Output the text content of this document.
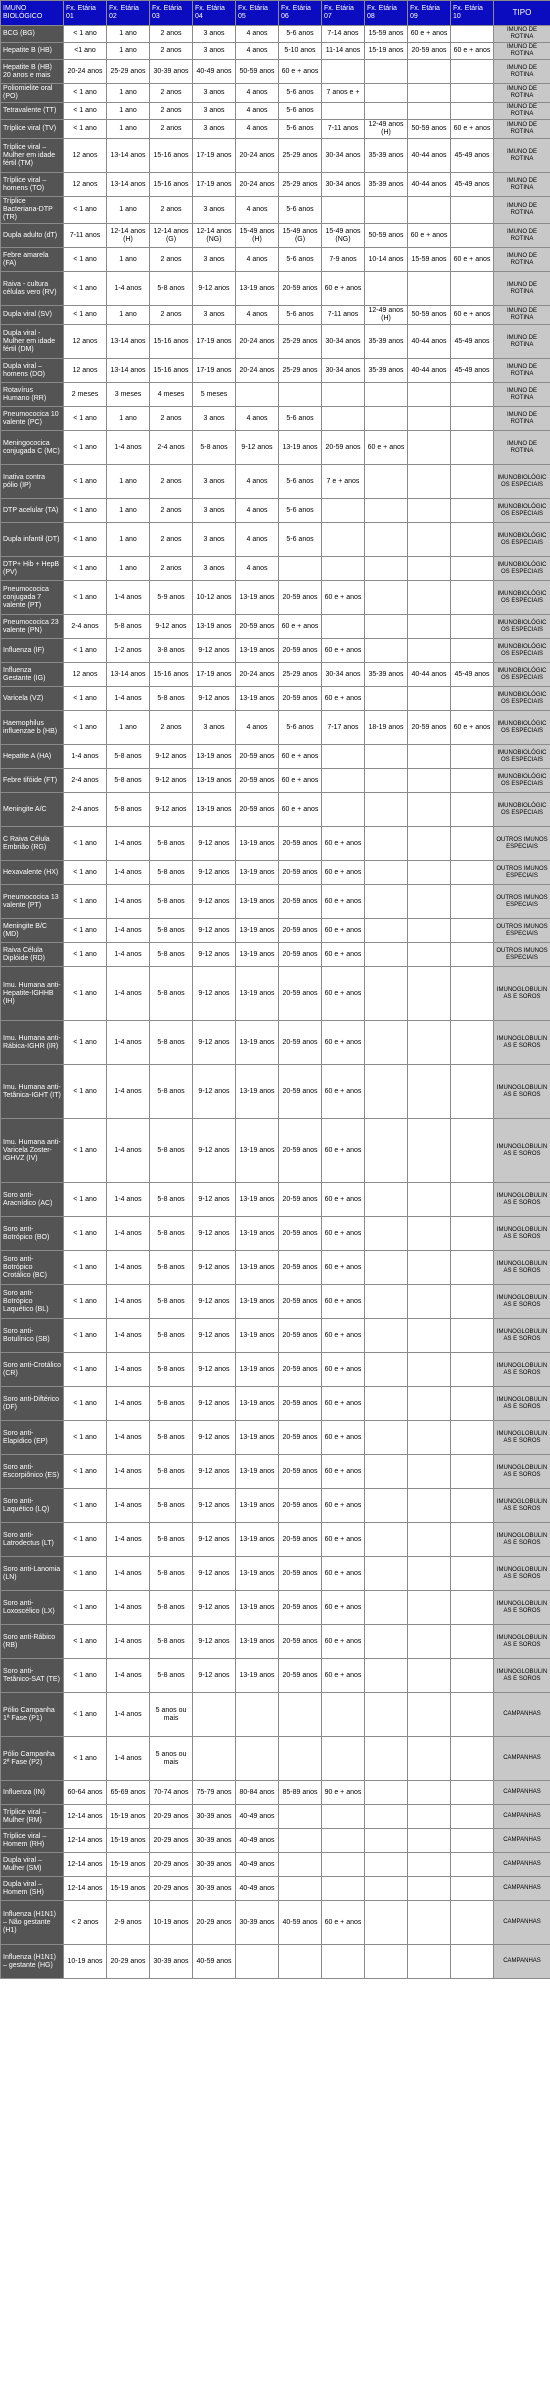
IMUNO BIOLÓGICO	Fx. Etária 01	Fx. Etária 02	Fx. Etária 03	Fx. Etária 04	Fx. Etária 05	Fx. Etária 06	Fx. Etária 07	Fx. Etária 08	Fx. Etária 09	Fx. Etária 10	TIPO
BCG (BG)	< 1 ano	1 ano	2 anos	3 anos	4 anos	5-6 anos	7-14 anos	15-59 anos	60 e + anos		IMUNO DE ROTINA
Hepatite B (HB)	<1 ano	1 ano	2 anos	3 anos	4 anos	5-10 anos	11-14 anos	15-19 anos	20-59 anos	60 e + anos	IMUNO DE ROTINA
Hepatite B (HB) 20 anos e mais	20-24 anos	25-29 anos	30-39 anos	40-49 anos	50-59 anos	60 e + anos					IMUNO DE ROTINA
Poliomielite oral (PO)	< 1 ano	1 ano	2 anos	3 anos	4 anos	5-6 anos	7 anos e +				IMUNO DE ROTINA
Tetravalente (TT)	< 1 ano	1 ano	2 anos	3 anos	4 anos	5-6 anos					IMUNO DE ROTINA
Tríplice viral (TV)	< 1 ano	1 ano	2 anos	3 anos	4 anos	5-6 anos	7-11 anos	12-49 anos (H)	50-59 anos	60 e + anos	IMUNO DE ROTINA
Tríplice viral – Mulher em idade fértil (TM)	12 anos	13-14 anos	15-16 anos	17-19 anos	20-24 anos	25-29 anos	30-34 anos	35-39 anos	40-44 anos	45-49 anos	IMUNO DE ROTINA
Tríplice viral – homens (TO)	12 anos	13-14 anos	15-16 anos	17-19 anos	20-24 anos	25-29 anos	30-34 anos	35-39 anos	40-44 anos	45-49 anos	IMUNO DE ROTINA
Tríplice Bacteriana-DTP (TR)	< 1 ano	1 ano	2 anos	3 anos	4 anos	5-6 anos					IMUNO DE ROTINA
Dupla adulto (dT)	7-11 anos	12-14 anos (H)	12-14 anos (G)	12-14 anos (NG)	15-49 anos (H)	15-49 anos (G)	15-49 anos (NG)	50-59 anos	60 e + anos		IMUNO DE ROTINA
Febre amarela (FA)	< 1 ano	1 ano	2 anos	3 anos	4 anos	5-6 anos	7-9 anos	10-14 anos	15-59 anos	60 e + anos	IMUNO DE ROTINA
Raiva - cultura células vero (RV)	< 1 ano	1-4 anos	5-8 anos	9-12 anos	13-19 anos	20-59 anos	60 e + anos				IMUNO DE ROTINA
Dupla viral (SV)	< 1 ano	1 ano	2 anos	3 anos	4 anos	5-6 anos	7-11 anos	12-49 anos (H)	50-59 anos	60 e + anos	IMUNO DE ROTINA
Dupla viral - Mulher em idade fértil (DM)	12 anos	13-14 anos	15-16 anos	17-19 anos	20-24 anos	25-29 anos	30-34 anos	35-39 anos	40-44 anos	45-49 anos	IMUNO DE ROTINA
Dupla viral – homens (DO)	12 anos	13-14 anos	15-16 anos	17-19 anos	20-24 anos	25-29 anos	30-34 anos	35-39 anos	40-44 anos	45-49 anos	IMUNO DE ROTINA
Rotavírus Humano (RR)	2 meses	3 meses	4 meses	5 meses							IMUNO DE ROTINA
Pneumococica 10 valente (PC)	< 1 ano	1 ano	2 anos	3 anos	4 anos	5-6 anos					IMUNO DE ROTINA
Meningococica conjugada C (MC)	< 1 ano	1-4 anos	2-4 anos	5-8 anos	9-12 anos	13-19 anos	20-59 anos	60 e + anos			IMUNO DE ROTINA
Inativa contra pólio (IP)	< 1 ano	1 ano	2 anos	3 anos	4 anos	5-6 anos	7 e + anos				IMUNOBIOLÓGICOS ESPECIAIS
DTP acelular (TA)	< 1 ano	1 ano	2 anos	3 anos	4 anos	5-6 anos					IMUNOBIOLÓGICOS ESPECIAIS
Dupla infantil (DT)	< 1 ano	1 ano	2 anos	3 anos	4 anos	5-6 anos					IMUNOBIOLÓGICOS ESPECIAIS
DTP+ Hib + HepB (PV)	< 1 ano	1 ano	2 anos	3 anos	4 anos						IMUNOBIOLÓGICOS ESPECIAIS
Pneumococica conjugada 7 valente (PT)	< 1 ano	1-4 anos	5-9 anos	10-12 anos	13-19 anos	20-59 anos	60 e + anos				IMUNOBIOLÓGICOS ESPECIAIS
Pneumococica 23 valente (PN)	2-4 anos	5-8 anos	9-12 anos	13-19 anos	20-59 anos	60 e + anos					IMUNOBIOLÓGICOS ESPECIAIS
Influenza (IF)	< 1 ano	1-2 anos	3-8 anos	9-12 anos	13-19 anos	20-59 anos	60 e + anos				IMUNOBIOLÓGICOS ESPECIAIS
Influenza Gestante (IG)	12 anos	13-14 anos	15-16 anos	17-19 anos	20-24 anos	25-29 anos	30-34 anos	35-39 anos	40-44 anos	45-49 anos	IMUNOBIOLÓGICOS ESPECIAIS
Varicela (VZ)	< 1 ano	1-4 anos	5-8 anos	9-12 anos	13-19 anos	20-59 anos	60 e + anos				IMUNOBIOLÓGICOS ESPECIAIS
Haemophilus influenzae b (HB)	< 1 ano	1 ano	2 anos	3 anos	4 anos	5-6 anos	7-17 anos	18-19 anos	20-59 anos	60 e + anos	IMUNOBIOLÓGICOS ESPECIAIS
Hepatite A (HA)	1-4 anos	5-8 anos	9-12 anos	13-19 anos	20-59 anos	60 e + anos					IMUNOBIOLÓGICOS ESPECIAIS
Febre tifóide (FT)	2-4 anos	5-8 anos	9-12 anos	13-19 anos	20-59 anos	60 e + anos					IMUNOBIOLÓGICOS ESPECIAIS
Meningite A/C	2-4 anos	5-8 anos	9-12 anos	13-19 anos	20-59 anos	60 e + anos					IMUNOBIOLÓGICOS ESPECIAIS
C Raiva Célula Embrião (RG)	< 1 ano	1-4 anos	5-8 anos	9-12 anos	13-19 anos	20-59 anos	60 e + anos				OUTROS IMUNOS ESPECIAIS
Hexavalente (HX)	< 1 ano	1-4 anos	5-8 anos	9-12 anos	13-19 anos	20-59 anos	60 e + anos				OUTROS IMUNOS ESPECIAIS
Pneumococica 13 valente (PT)	< 1 ano	1-4 anos	5-8 anos	9-12 anos	13-19 anos	20-59 anos	60 e + anos				OUTROS IMUNOS ESPECIAIS
Meningite B/C (MD)	< 1 ano	1-4 anos	5-8 anos	9-12 anos	13-19 anos	20-59 anos	60 e + anos				OUTROS IMUNOS ESPECIAIS
Raiva Célula Diplóide (RD)	< 1 ano	1-4 anos	5-8 anos	9-12 anos	13-19 anos	20-59 anos	60 e + anos				OUTROS IMUNOS ESPECIAIS
Imu. Humana anti-Hepatite-IGHHB (IH)	< 1 ano	1-4 anos	5-8 anos	9-12 anos	13-19 anos	20-59 anos	60 e + anos				IMUNOGLOBULINAS E SOROS
Imu. Humana anti-Rábica-IGHR (IR)	< 1 ano	1-4 anos	5-8 anos	9-12 anos	13-19 anos	20-59 anos	60 e + anos				IMUNOGLOBULINAS E SOROS
Imu. Humana anti-Tetânica-IGHT (IT)	< 1 ano	1-4 anos	5-8 anos	9-12 anos	13-19 anos	20-59 anos	60 e + anos				IMUNOGLOBULINAS E SOROS
Imu. Humana anti-Varicela Zoster-IGHVZ (IV)	< 1 ano	1-4 anos	5-8 anos	9-12 anos	13-19 anos	20-59 anos	60 e + anos				IMUNOGLOBULINAS E SOROS
Soro anti-Aracnídico (AC)	< 1 ano	1-4 anos	5-8 anos	9-12 anos	13-19 anos	20-59 anos	60 e + anos				IMUNOGLOBULINAS E SOROS
Soro anti-Botrópico (BO)	< 1 ano	1-4 anos	5-8 anos	9-12 anos	13-19 anos	20-59 anos	60 e + anos				IMUNOGLOBULINAS E SOROS
Soro anti-Botrópico Crotálico (BC)	< 1 ano	1-4 anos	5-8 anos	9-12 anos	13-19 anos	20-59 anos	60 e + anos				IMUNOGLOBULINAS E SOROS
Soro anti-Botrópico Laquético (BL)	< 1 ano	1-4 anos	5-8 anos	9-12 anos	13-19 anos	20-59 anos	60 e + anos				IMUNOGLOBULINAS E SOROS
Soro anti-Botulínico (SB)	< 1 ano	1-4 anos	5-8 anos	9-12 anos	13-19 anos	20-59 anos	60 e + anos				IMUNOGLOBULINAS E SOROS
Soro anti-Crotálico (CR)	< 1 ano	1-4 anos	5-8 anos	9-12 anos	13-19 anos	20-59 anos	60 e + anos				IMUNOGLOBULINAS E SOROS
Soro anti-Diftérico (DF)	< 1 ano	1-4 anos	5-8 anos	9-12 anos	13-19 anos	20-59 anos	60 e + anos				IMUNOGLOBULINAS E SOROS
Soro anti-Elapídico (EP)	< 1 ano	1-4 anos	5-8 anos	9-12 anos	13-19 anos	20-59 anos	60 e + anos				IMUNOGLOBULINAS E SOROS
Soro anti-Escorpiônico (ES)	< 1 ano	1-4 anos	5-8 anos	9-12 anos	13-19 anos	20-59 anos	60 e + anos				IMUNOGLOBULINAS E SOROS
Soro anti-Laquético (LQ)	< 1 ano	1-4 anos	5-8 anos	9-12 anos	13-19 anos	20-59 anos	60 e + anos				IMUNOGLOBULINAS E SOROS
Soro anti-Latrodectus (LT)	< 1 ano	1-4 anos	5-8 anos	9-12 anos	13-19 anos	20-59 anos	60 e + anos				IMUNOGLOBULINAS E SOROS
Soro anti-Lanomia (LN)	< 1 ano	1-4 anos	5-8 anos	9-12 anos	13-19 anos	20-59 anos	60 e + anos				IMUNOGLOBULINAS E SOROS
Soro anti-Loxoscélico (LX)	< 1 ano	1-4 anos	5-8 anos	9-12 anos	13-19 anos	20-59 anos	60 e + anos				IMUNOGLOBULINAS E SOROS
Soro anti-Rábico (RB)	< 1 ano	1-4 anos	5-8 anos	9-12 anos	13-19 anos	20-59 anos	60 e + anos				IMUNOGLOBULINAS E SOROS
Soro anti-Tetânico-SAT (TE)	< 1 ano	1-4 anos	5-8 anos	9-12 anos	13-19 anos	20-59 anos	60 e + anos				IMUNOGLOBULINAS E SOROS
Pólio Campanha 1ª Fase (P1)	< 1 ano	1-4 anos	5 anos ou mais								CAMPANHAS
Pólio Campanha 2ª Fase (P2)	< 1 ano	1-4 anos	5 anos ou mais								CAMPANHAS
Influenza (IN)	60-64 anos	65-69 anos	70-74 anos	75-79 anos	80-84 anos	85-89 anos	90 e + anos				CAMPANHAS
Tríplice viral – Mulher (RM)	12-14 anos	15-19 anos	20-29 anos	30-39 anos	40-49 anos						CAMPANHAS
Tríplice viral – Homem (RH)	12-14 anos	15-19 anos	20-29 anos	30-39 anos	40-49 anos						CAMPANHAS
Dupla viral – Mulher (SM)	12-14 anos	15-19 anos	20-29 anos	30-39 anos	40-49 anos						CAMPANHAS
Dupla viral – Homem (SH)	12-14 anos	15-19 anos	20-29 anos	30-39 anos	40-49 anos						CAMPANHAS
Influenza (H1N1) – Não gestante (H1)	< 2 anos	2-9 anos	10-19 anos	20-29 anos	30-39 anos	40-59 anos	60 e + anos				CAMPANHAS
Influenza (H1N1) – gestante (HG)	10-19 anos	20-29 anos	30-39 anos	40-59 anos							CAMPANHAS
